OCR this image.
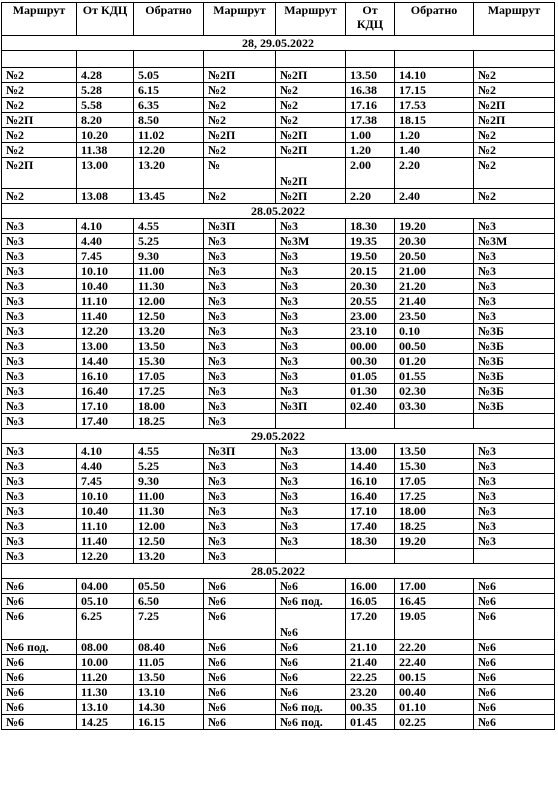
Маршрут	От КДЦ	Обратно	Маршрут	Маршрут	От КДЦ	Обратно	Маршрут
28, 29.05.2022							

№2	4.28	5.05	№2П	№2П	13.50	14.10	№2
№2	5.28	6.15	№2	№2	16.38	17.15	№2
№2	5.58	6.35	№2	№2	17.16	17.53	№2П
№2П	8.20	8.50	№2	№2	17.38	18.15	№2П
№2	10.20	11.02	№2П	№2П	1.00	1.20	№2
№2	11.38	12.20	№2	№2П	1.20	1.40	№2
№2П	13.00	13.20	№	№2П	2.00	2.20	№2
№2	13.08	13.45	№2	№2П	2.20	2.40	№2
28.05.2022							
№3	4.10	4.55	№3П	№3	18.30	19.20	№3
№3	4.40	5.25	№3	№3М	19.35	20.30	№3М
№3	7.45	9.30	№3	№3	19.50	20.50	№3
№3	10.10	11.00	№3	№3	20.15	21.00	№3
№3	10.40	11.30	№3	№3	20.30	21.20	№3
№3	11.10	12.00	№3	№3	20.55	21.40	№3
№3	11.40	12.50	№3	№3	23.00	23.50	№3
№3	12.20	13.20	№3	№3	23.10	0.10	№3Б
№3	13.00	13.50	№3	№3	00.00	00.50	№3Б
№3	14.40	15.30	№3	№3	00.30	01.20	№3Б
№3	16.10	17.05	№3	№3	01.05	01.55	№3Б
№3	16.40	17.25	№3	№3	01.30	02.30	№3Б
№3	17.10	18.00	№3	№3П	02.40	03.30	№3Б
№3	17.40	18.25	№3				
29.05.2022							
№3	4.10	4.55	№3П	№3	13.00	13.50	№3
№3	4.40	5.25	№3	№3	14.40	15.30	№3
№3	7.45	9.30	№3	№3	16.10	17.05	№3
№3	10.10	11.00	№3	№3	16.40	17.25	№3
№3	10.40	11.30	№3	№3	17.10	18.00	№3
№3	11.10	12.00	№3	№3	17.40	18.25	№3
№3	11.40	12.50	№3	№3	18.30	19.20	№3
№3	12.20	13.20	№3				
28.05.2022							
№6	04.00	05.50	№6	№6	16.00	17.00	№6
№6	05.10	6.50	№6	№6 под.	16.05	16.45	№6
№6	6.25	7.25	№6	№6	17.20	19.05	№6
№6 под.	08.00	08.40	№6	№6	21.10	22.20	№6
№6	10.00	11.05	№6	№6	21.40	22.40	№6
№6	11.20	13.50	№6	№6	22.25	00.15	№6
№6	11.30	13.10	№6	№6	23.20	00.40	№6
№6	13.10	14.30	№6	№6 под.	00.35	01.10	№6
№6	14.25	16.15	№6	№6 под.	01.45	02.25	№6
